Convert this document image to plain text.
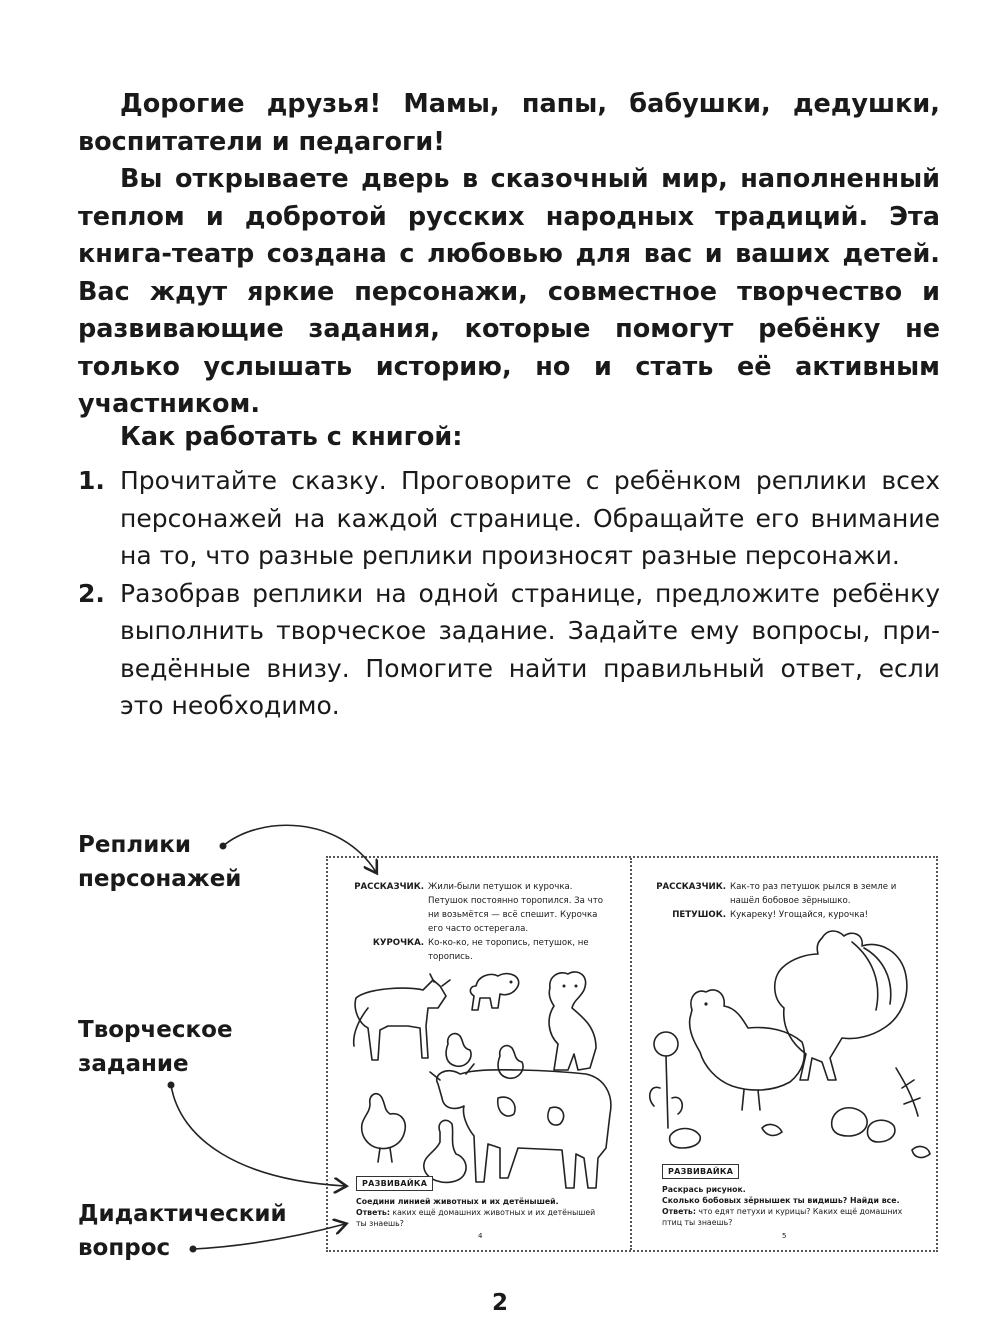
Дорогие друзья! Мамы, папы, бабушки, дедушки, воспитатели и педагоги!

Вы открываете дверь в сказочный мир, наполненный теплом и добротой русских народных традиций. Эта книга-театр создана с любовью для вас и ваших детей. Вас ждут яркие персонажи, совместное творчество и развивающие задания, которые помогут ребёнку не только услышать историю, но и стать её активным участником.

Как работать с книгой:
1. Прочитайте сказку. Проговорите с ребёнком реплики всех персонажей на каждой странице. Обращайте его внимание на то, что разные реплики произносят разные персонажи.
2. Разобрав реплики на одной странице, предложите ребёнку выполнить творческое задание. Задайте ему вопросы, приведённые внизу. Помогите найти правильный ответ, если это необходимо.
Реплики
персонажей
Творческое
задание
Дидактический
вопрос
РАССКАЗЧИК. Жили-были петушок и курочка. Петушок постоянно торопился. За что ни возьмётся — всё спешит. Курочка его часто остерегала.
КУРОЧКА. Ко-ко-ко, не торопись, петушок, не торопись.
РАЗВИВАЙКА
Соедини линией животных и их детёнышей.
Ответь: каких ещё домашних животных и их детёнышей ты знаешь?
4
РАССКАЗЧИК. Как-то раз петушок рылся в земле и нашёл бобовое зёрнышко.
ПЕТУШОК. Кукареку! Угощайся, курочка!
РАЗВИВАЙКА
Раскрась рисунок.
Сколько бобовых зёрнышек ты видишь? Найди все.
Ответь: что едят петухи и курицы? Каких ещё домашних птиц ты знаешь?
5
2
